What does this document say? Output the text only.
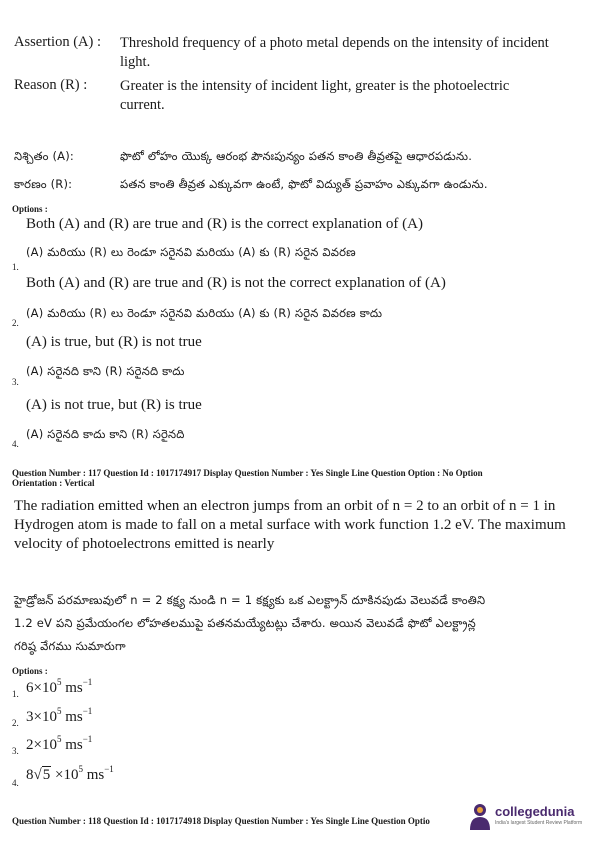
Assertion (A) : Threshold frequency of a photo metal depends on the intensity of incident
light.
Reason (R) : Greater is the intensity of incident light, greater is the photoelectric
current.
నిశ్చితం (A):	ఫొటో లోహం యొక్క ఆరంభ పౌనఃపున్యం పతన కాంతి తీవ్రతపై ఆధారపడును.
కారణం (R):	పతన కాంతి తీవ్రత ఎక్కువగా ఉంటే, ఫొటో విద్యుత్ ప్రవాహం ఎక్కువగా ఉండును.
Options :
Both (A) and (R) are true and (R) is the correct explanation of (A)
(A) మరియు (R) లు రెండూ సరైనవి మరియు (A) కు (R) సరైన వివరణ
1.
Both (A) and (R) are true and (R) is not the correct explanation of (A)
(A) మరియు (R) లు రెండూ సరైనవి మరియు (A) కు (R) సరైన వివరణ కాదు
2.
(A) is true, but (R) is not true
(A) సరైనది కాని (R) సరైనది కాదు
3.
(A) is not true, but (R) is true
(A) సరైనది కాదు కాని (R) సరైనది
4.
Question Number : 117 Question Id : 1017174917 Display Question Number : Yes Single Line Question Option : No Option
Orientation : Vertical
The radiation emitted when an electron jumps from an orbit of n = 2 to an orbit of n = 1 in
Hydrogen atom is made to fall on a metal surface with work function 1.2 eV. The maximum
velocity of photoelectrons emitted is nearly
హైడ్రోజన్ పరమాణువులో n = 2 కక్ష్య నుండి n = 1 కక్ష్యకు ఒక ఎలక్ట్రాన్ దూకినపుడు వెలువడే కాంతిని
1.2 eV పని ప్రమేయంగల లోహతలముపై పతనమయ్యేటట్లు చేశారు. అయిన వెలువడే ఫొటో ఎలక్ట్రాన్ల
గరిష్ఠ వేగము సుమారుగా
Options :
1. $6\times 10^5$ $ms^{-1}$
2. $3\times 10^5$ $ms^{-1}$
3. $2\times 10^5$ $ms^{-1}$
4. $8√5 \times 10^5$ $ms^{-1}$
Question Number : 118 Question Id : 1017174918 Display Question Number : Yes Single Line Question Optio
collegedunia
India's largest Student Review Platform
